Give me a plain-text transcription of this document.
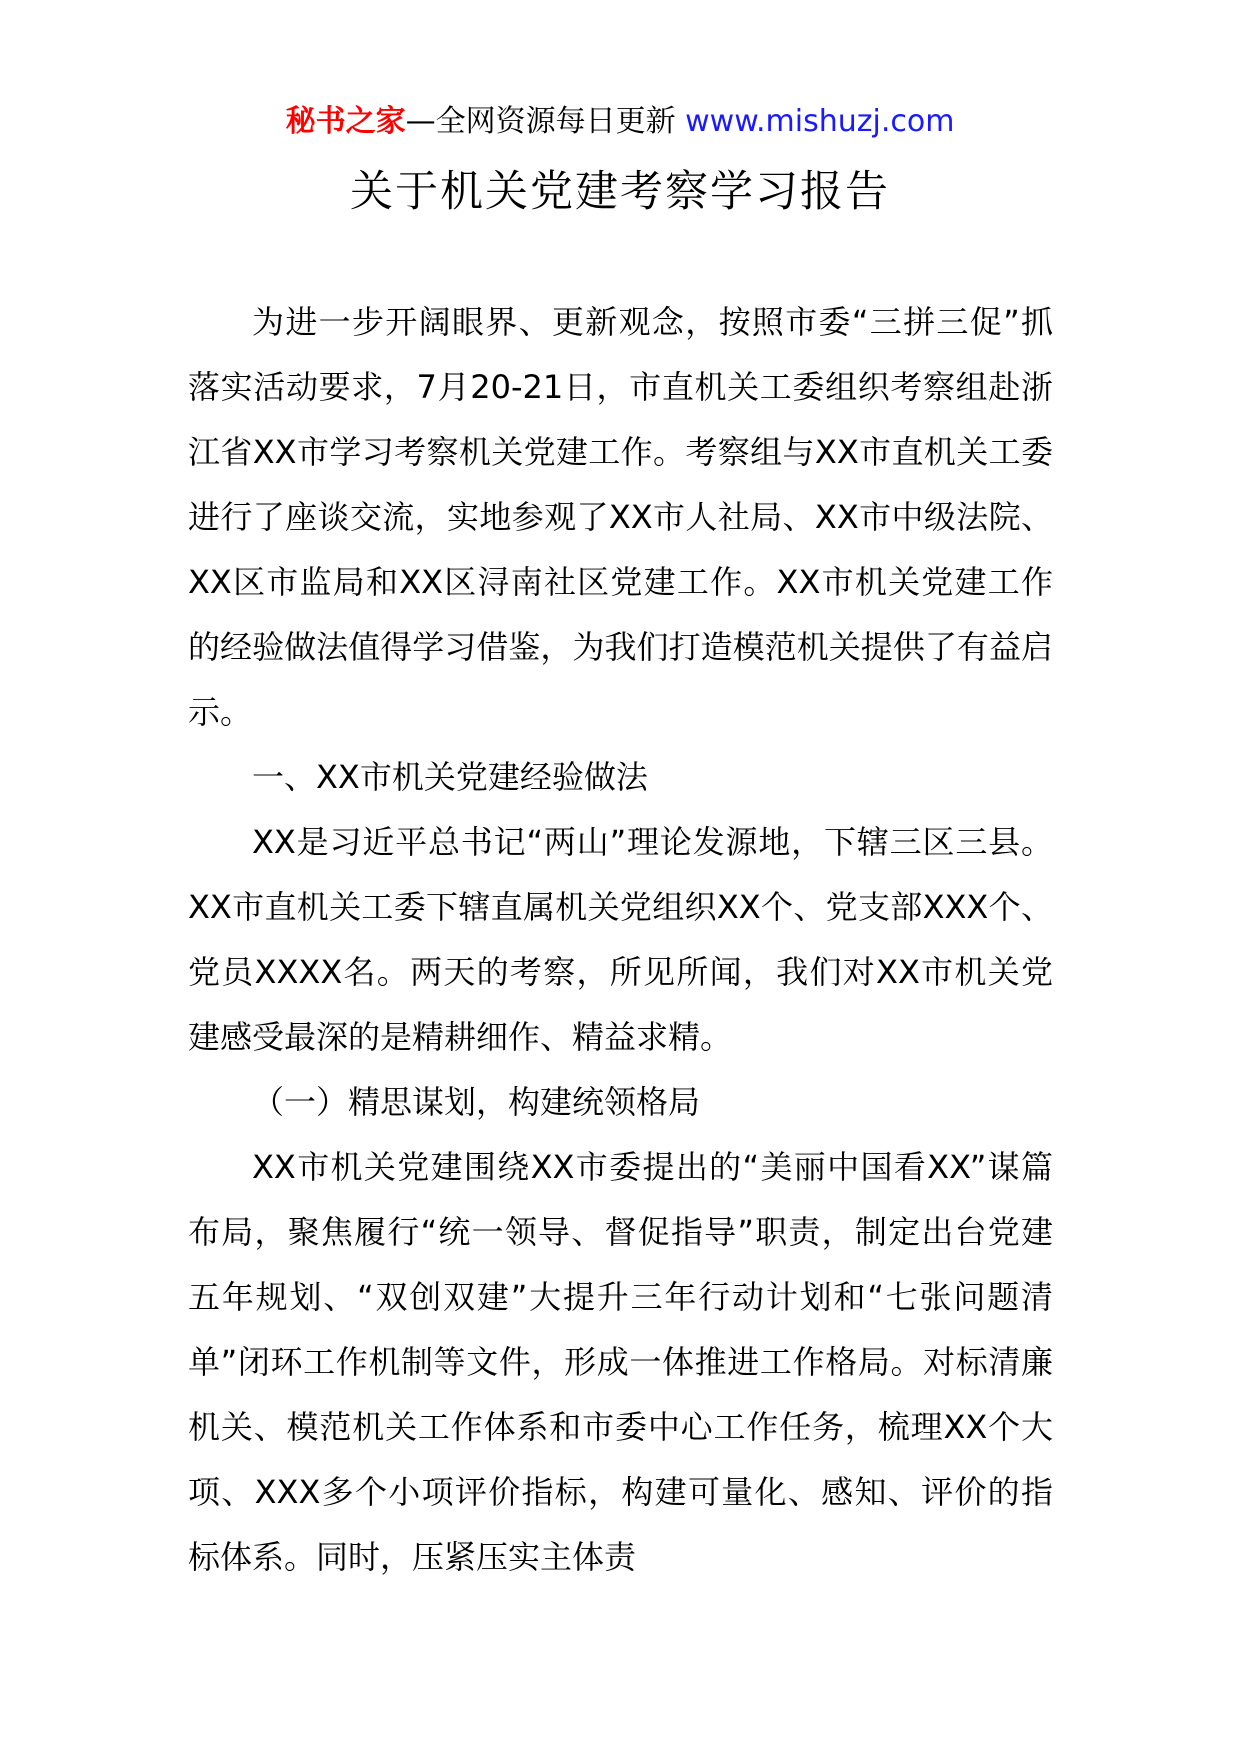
秘书之家—全网资源每日更新 www.mishuzj.com
关于机关党建考察学习报告

为进一步开阔眼界、更新观念，按照市委“三拼三促”抓落实活动要求，7月20-21日，市直机关工委组织考察组赴浙江省XX市学习考察机关党建工作。考察组与XX市直机关工委进行了座谈交流，实地参观了XX市人社局、XX市中级法院、XX区市监局和XX区浔南社区党建工作。XX市机关党建工作的经验做法值得学习借鉴，为我们打造模范机关提供了有益启示。

一、XX市机关党建经验做法

XX是习近平总书记“两山”理论发源地，下辖三区三县。XX市直机关工委下辖直属机关党组织XX个、党支部XXX个、党员XXXX名。两天的考察，所见所闻，我们对XX市机关党建感受最深的是精耕细作、精益求精。

（一）精思谋划，构建统领格局

XX市机关党建围绕XX市委提出的“美丽中国看XX”谋篇布局，聚焦履行“统一领导、督促指导”职责，制定出台党建五年规划、“双创双建”大提升三年行动计划和“七张问题清单”闭环工作机制等文件，形成一体推进工作格局。对标清廉机关、模范机关工作体系和市委中心工作任务，梳理XX个大项、XXX多个小项评价指标，构建可量化、感知、评价的指标体系。同时，压紧压实主体责
